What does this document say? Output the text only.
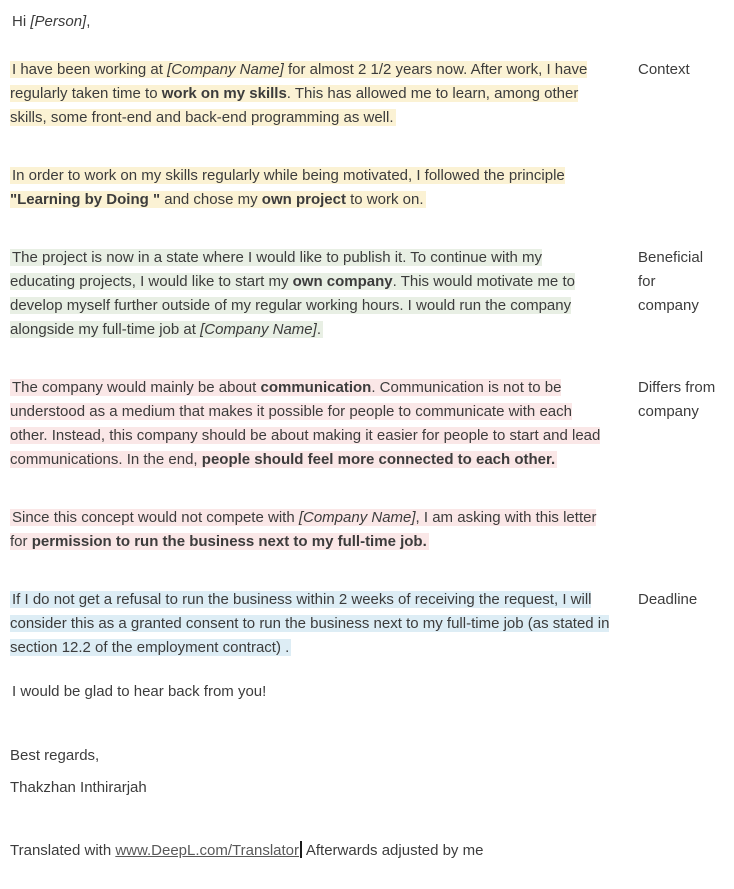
Hi [Person],
I have been working at [Company Name] for almost 2 1/2 years now. After work, I have regularly taken time to work on my skills. This has allowed me to learn, among other skills, some front-end and back-end programming as well.
Context
In order to work on my skills regularly while being motivated, I followed the principle "Learning by Doing " and chose my own project to work on.
The project is now in a state where I would like to publish it. To continue with my educating projects, I would like to start my own company. This would motivate me to develop myself further outside of my regular working hours. I would run the company alongside my full-time job at [Company Name].
Beneficial for company
The company would mainly be about communication. Communication is not to be understood as a medium that makes it possible for people to communicate with each other. Instead, this company should be about making it easier for people to start and lead communications. In the end, people should feel more connected to each other.
Differs from company
Since this concept would not compete with [Company Name], I am asking with this letter for permission to run the business next to my full-time job.
If I do not get a refusal to run the business within 2 weeks of receiving the request, I will consider this as a granted consent to run the business next to my full-time job (as stated in section 12.2 of the employment contract) .
Deadline
I would be glad to hear back from you!
Best regards,
Thakzhan Inthirarjah
Translated with www.DeepL.com/Translator Afterwards adjusted by me
